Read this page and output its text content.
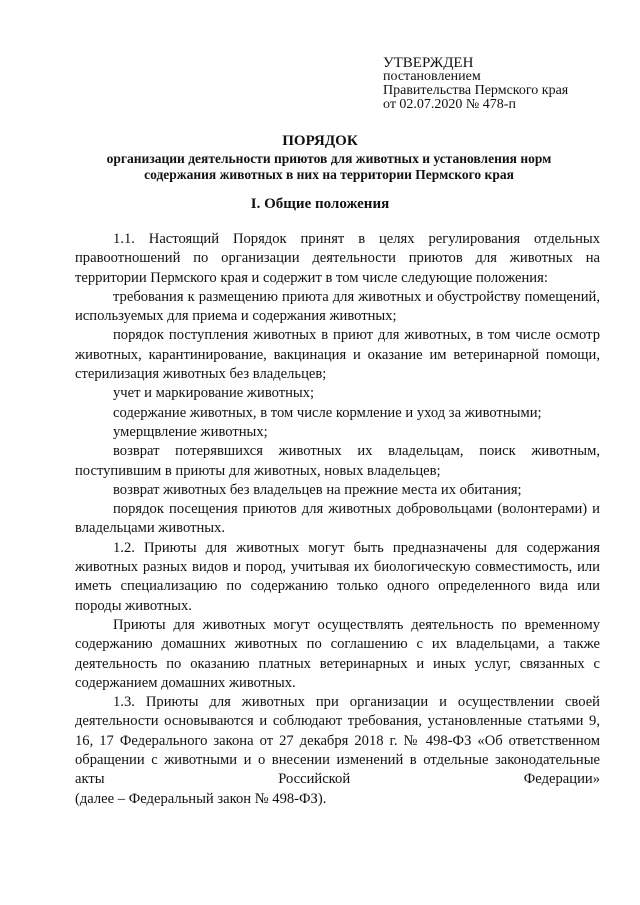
УТВЕРЖДЕН
постановлением
Правительства Пермского края
от 02.07.2020 № 478-п
ПОРЯДОК
организации деятельности приютов для животных и установления норм
содержания животных в них на территории Пермского края
I. Общие положения

1.1. Настоящий Порядок принят в целях регулирования отдельных правоотношений по организации деятельности приютов для животных на территории Пермского края и содержит в том числе следующие положения:

требования к размещению приюта для животных и обустройству помещений, используемых для приема и содержания животных;

порядок поступления животных в приют для животных, в том числе осмотр животных, карантинирование, вакцинация и оказание им ветеринарной помощи, стерилизация животных без владельцев;

учет и маркирование животных;

содержание животных, в том числе кормление и уход за животными;

умерщвление животных;

возврат потерявшихся животных их владельцам, поиск животным, поступившим в приюты для животных, новых владельцев;

возврат животных без владельцев на прежние места их обитания;

порядок посещения приютов для животных добровольцами (волонтерами) и владельцами животных.

1.2. Приюты для животных могут быть предназначены для содержания животных разных видов и пород, учитывая их биологическую совместимость, или иметь специализацию по содержанию только одного определенного вида или породы животных.

Приюты для животных могут осуществлять деятельность по временному содержанию домашних животных по соглашению с их владельцами, а также деятельность по оказанию платных ветеринарных и иных услуг, связанных с содержанием домашних животных.

1.3. Приюты для животных при организации и осуществлении своей деятельности основываются и соблюдают требования, установленные статьями 9, 16, 17 Федерального закона от 27 декабря 2018 г. № 498-ФЗ «Об ответственном обращении с животными и о внесении изменений в отдельные законодательные акты Российской Федерации»

(далее – Федеральный закон № 498-ФЗ).
